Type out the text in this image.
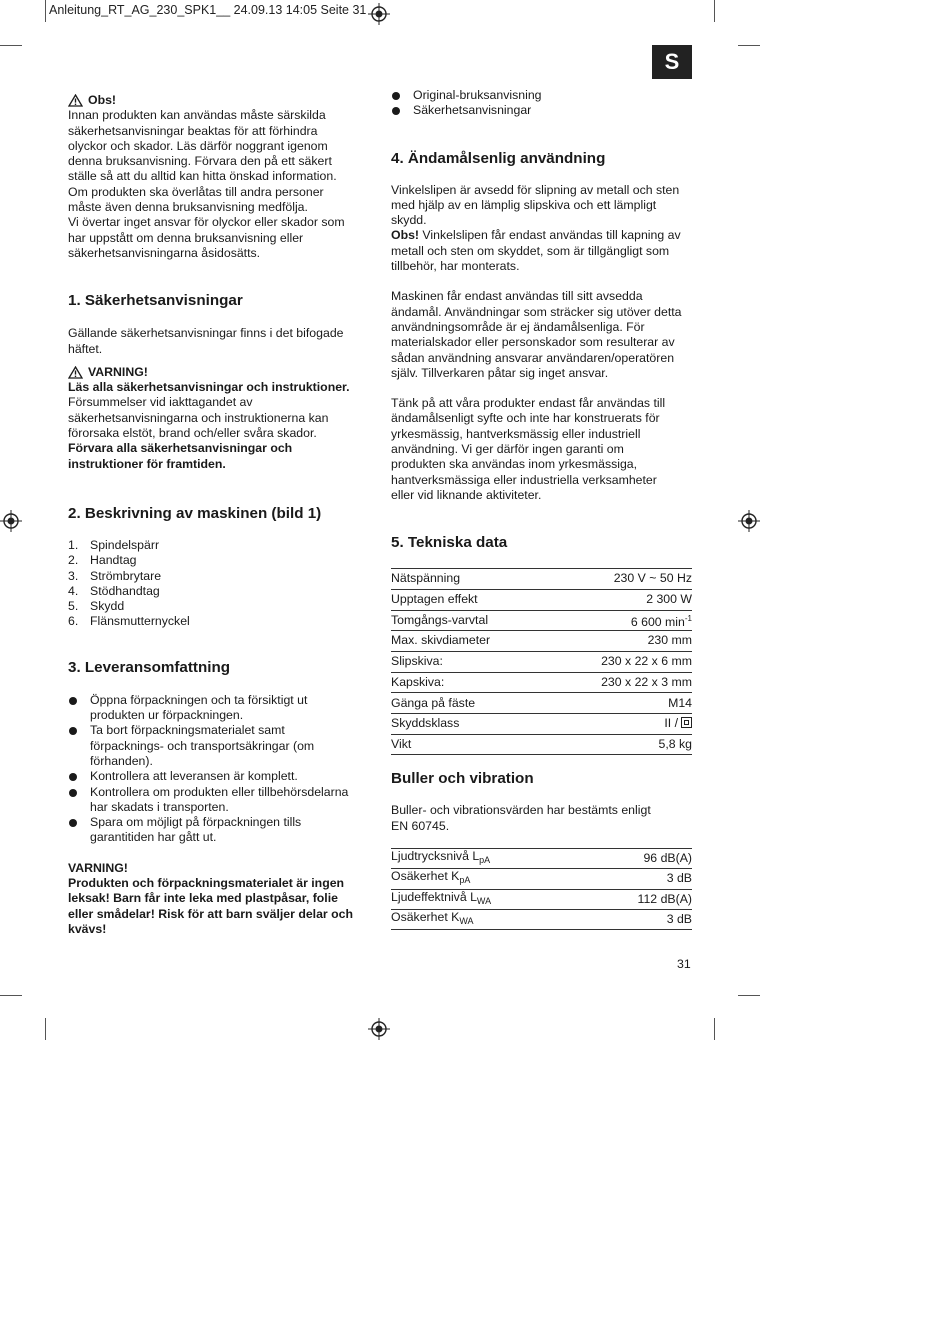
Anleitung_RT_AG_230_SPK1__ 24.09.13 14:05 Seite 31
S
Obs!

Innan produkten kan användas måste särskilda
säkerhetsanvisningar beaktas för att förhindra
olyckor och skador. Läs därför noggrant igenom
denna bruksanvisning. Förvara den på ett säkert
ställe så att du alltid kan hitta önskad information.
Om produkten ska överlåtas till andra personer
måste även denna bruksanvisning medfölja.
Vi övertar inget ansvar för olyckor eller skador som
har uppstått om denna bruksanvisning eller
säkerhetsanvisningarna åsidosätts.

1. Säkerhetsanvisningar

Gällande säkerhetsanvisningar finns i det bifogade
häftet.

VARNING!

Läs alla säkerhetsanvisningar och instruktioner.

Försummelser vid iakttagandet av
säkerhetsanvisningarna och instruktionerna kan
förorsaka elstöt, brand och/eller svåra skador.

Förvara alla säkerhetsanvisningar och
instruktioner för framtiden.

2. Beskrivning av maskinen (bild 1)
1. Spindelspärr
2. Handtag
3. Strömbrytare
4. Stödhandtag
5. Skydd
6. Flänsmutternyckel
3. Leveransomfattning
Öppna förpackningen och ta försiktigt ut
produkten ur förpackningen.
Ta bort förpackningsmaterialet samt
förpacknings- och transportsäkringar (om
förhanden).
Kontrollera att leveransen är komplett.
Kontrollera om produkten eller tillbehörsdelarna
har skadats i transporten.
Spara om möjligt på förpackningen tills
garantitiden har gått ut.

VARNING!

Produkten och förpackningsmaterialet är ingen
leksak! Barn får inte leka med plastpåsar, folie
eller smådelar! Risk för att barn sväljer delar och
kvävs!

Original-bruksanvisning
Säkerhetsanvisningar
4. Ändamålsenlig användning

Vinkelslipen är avsedd för slipning av metall och sten
med hjälp av en lämplig slipskiva och ett lämpligt
skydd.
Obs! Vinkelslipen får endast användas till kapning av
metall och sten om skyddet, som är tillgängligt som
tillbehör, har monterats.

Maskinen får endast användas till sitt avsedda
ändamål. Användningar som sträcker sig utöver detta
användningsområde är ej ändamålsenliga. För
materialskador eller personskador som resulterar av
sådan användning ansvarar användaren/operatören
själv. Tillverkaren påtar sig inget ansvar.

Tänk på att våra produkter endast får användas till
ändamålsenligt syfte och inte har konstruerats för
yrkesmässig, hantverksmässig eller industriell
användning. Vi ger därför ingen garanti om
produkten ska användas inom yrkesmässiga,
hantverksmässiga eller industriella verksamheter
eller vid liknande aktiviteter.

5. Tekniska data
Nätspänning	230 V ~ 50 Hz
Upptagen effekt	2 300 W
Tomgångs-varvtal	6 600 $\min^{-1}$
Max. skivdiameter	230 mm
Slipskiva:	230 x 22 x 6 mm
Kapskiva:	230 x 22 x 3 mm
Gänga på fäste	M14
Skyddsklass	II /
Vikt	5,8 kg
Buller och vibration

Buller- och vibrationsvärden har bestämts enligt
EN 60745.

Ljudtrycksnivå $L_{pA}$	96 dB(A)
Osäkerhet $K_{pA}$	3 dB
Ljudeffektnivå $L_{WA}$	112 dB(A)
Osäkerhet $K_{WA}$	3 dB
31
